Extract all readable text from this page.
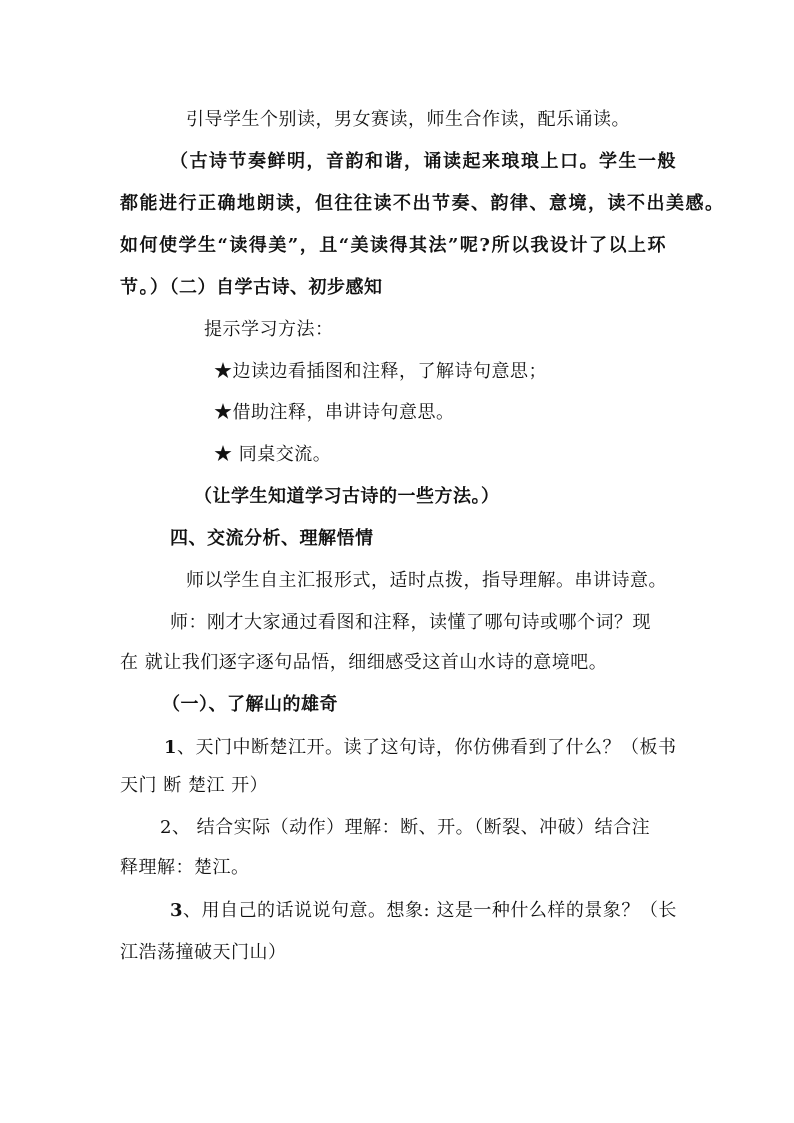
引导学生个别读，男女赛读，师生合作读，配乐诵读。
（古诗节奏鲜明，音韵和谐，诵读起来琅琅上口。学生一般
都能进行正确地朗读，但往往读不出节奏、韵律、意境，读不出美感。
如何使学生“读得美”，且“美读得其法”呢?所以我设计了以上环
节。）（二）自学古诗、初步感知
提示学习方法：
★边读边看插图和注释，了解诗句意思；
★借助注释，串讲诗句意思。
★ 同桌交流。
（让学生知道学习古诗的一些方法。）
四、交流分析、理解悟情
师以学生自主汇报形式，适时点拨，指导理解。串讲诗意。
师：刚才大家通过看图和注释，读懂了哪句诗或哪个词？现
在 就让我们逐字逐句品悟，细细感受这首山水诗的意境吧。
（一）、了解山的雄奇
1、天门中断楚江开。读了这句诗，你仿佛看到了什么？（板书
天门 断 楚江 开）
2、 结合实际（动作）理解：断、开。（断裂、冲破）结合注
释理解：楚江。
3、用自己的话说说句意。想象: 这是一种什么样的景象？（长
江浩荡撞破天门山）
